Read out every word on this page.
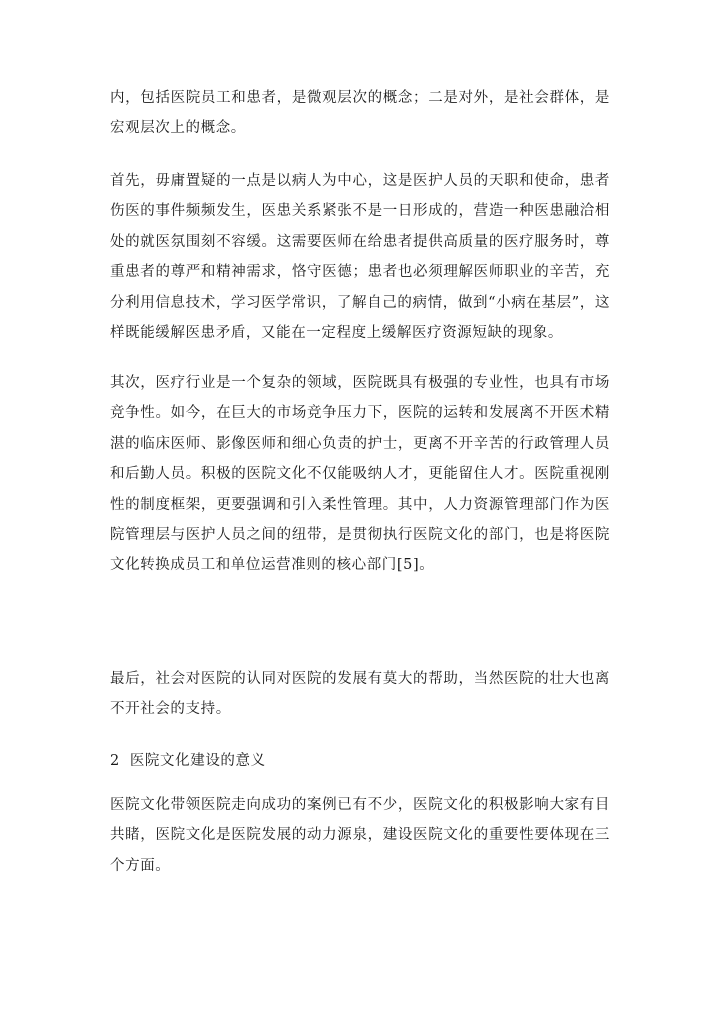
内，包括医院员工和患者，是微观层次的概念；二是对外，是社会群体，是宏观层次上的概念。

首先，毋庸置疑的一点是以病人为中心，这是医护人员的天职和使命，患者伤医的事件频频发生，医患关系紧张不是一日形成的，营造一种医患融洽相处的就医氛围刻不容缓。这需要医师在给患者提供高质量的医疗服务时，尊重患者的尊严和精神需求，恪守医德；患者也必须理解医师职业的辛苦，充分利用信息技术，学习医学常识，了解自己的病情，做到“小病在基层”，这样既能缓解医患矛盾，又能在一定程度上缓解医疗资源短缺的现象。

其次，医疗行业是一个复杂的领域，医院既具有极强的专业性，也具有市场竞争性。如今，在巨大的市场竞争压力下，医院的运转和发展离不开医术精湛的临床医师、影像医师和细心负责的护士，更离不开辛苦的行政管理人员和后勤人员。积极的医院文化不仅能吸纳人才，更能留住人才。医院重视刚性的制度框架，更要强调和引入柔性管理。其中，人力资源管理部门作为医院管理层与医护人员之间的纽带，是贯彻执行医院文化的部门，也是将医院文化转换成员工和单位运营准则的核心部门[5]。

最后，社会对医院的认同对医院的发展有莫大的帮助，当然医院的壮大也离不开社会的支持。

2 医院文化建设的意义

医院文化带领医院走向成功的案例已有不少，医院文化的积极影响大家有目共睹，医院文化是医院发展的动力源泉，建设医院文化的重要性要体现在三个方面。
